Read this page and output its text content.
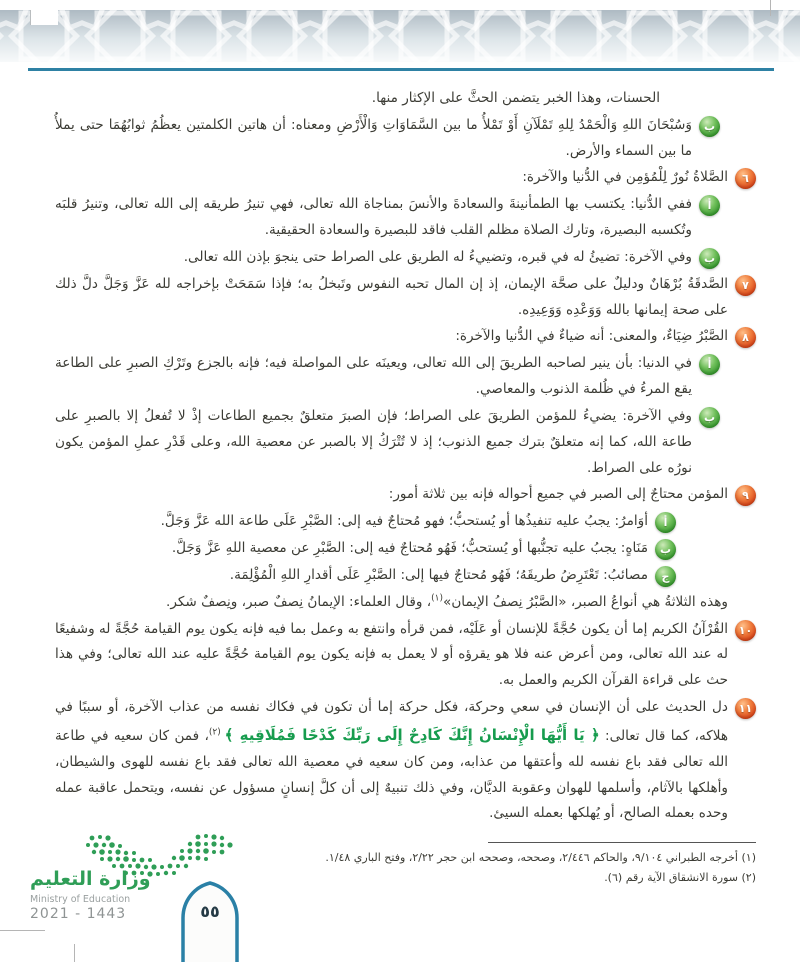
الحسنات، وهذا الخبر يتضمن الحثَّ على الإكثار منها.
ب
وَسُبْحَانَ اللهِ وَالْحَمْدُ لِلهِ تَمْلَآنِ أَوْ تَمْلأُ ما بين السَّمَاوَاتِ وَالْأَرْضِ ومعناه: أن هاتين الكلمتين يعظُمُ ثوابُهُمَا حتى يملأُ ما بين السماء والأرض.
٦
الصَّلاةُ نُورٌ لِلْمُؤمِن في الدُّنيا والآخرة:
أ
ففي الدُّنيا: يكتسب بها الطمأنينةَ والسعادةَ والأنسَ بمناجاة الله تعالى، فهي تنيرُ طريقه إلى الله تعالى، وتنيرُ قلبَه وتُكسبه البصيرة، وتارك الصلاة مظلم القلب فاقد للبصيرة والسعادة الحقيقية.
ب
وفي الآخرة: تضيئُ له في قبره، وتضييءُ له الطريق على الصراط حتى ينجوَ بإذن الله تعالى.
٧
الصَّدقَةُ بُرْهَانٌ ودليلٌ على صحَّة الإيمان، إذ إن المال تحبه النفوس وتَبخلُ به؛ فإذا سَمَحَتْ بإخراجه لله عَزَّ وَجَلَّ دلَّ ذلك على صحة إيمانها بالله وَوَعْدِه وَوَعِيدِه.
٨
الصَّبْرُ ضِيَاءٌ، والمعنى: أنه ضياءٌ في الدُّنيا والآخرة:
أ
في الدنيا: بأن ينير لصاحبه الطريقَ إلى الله تعالى، ويعينَه على المواصلة فيه؛ فإنه بالجزع وتَرْكِ الصبرِ على الطاعة يقع المرءُ في ظُلمة الذنوب والمعاصي.
ب
وفي الآخرة: يضيءُ للمؤمن الطريقَ على الصراط؛ فإن الصبرَ متعلقٌ بجميع الطاعات إذْ لا تُفعلُ إلا بالصبرِ على طاعة الله، كما إنه متعلقٌ بترك جميع الذنوب؛ إذ لا تُتْرَكُ إلا بالصبر عن معصية الله، وعلى قَدْرِ عملِ المؤمن يكون نورُه على الصراط.
٩
المؤمن محتاجٌ إلى الصبر في جميع أحواله فإنه بين ثلاثة أمور:
أ
أوَامرُ: يجبُ عليه تنفيذُها أو يُستحبُّ؛ فهو مُحتاجٌ فيه إلى: الصَّبْرِ عَلَى طاعة الله عَزَّ وَجَلَّ.
ب
مَنَاهٍ: يجبُ عليه تجنُّبها أو يُستحبُّ؛ فَهُو مُحتاجٌ فيه إلى: الصَّبْرِ عن معصية اللهِ عَزَّ وَجَلَّ.
ج
مصائبُ: تَعْتَرِضُ طريقَهُ؛ فَهُو مُحتاجٌ فيها إلى: الصَّبْرِ عَلَى أقدارِ اللهِ الْمُؤْلِمَة.
وهذه الثلاثةُ هي أنواعُ الصبر، «الصَّبْرُ نِصفُ الإيمان»$^{(١)}$، وقال العلماء: الإيمانُ نِصفٌ صبر، ونِصفٌ شكر.
١٠
القُرْآنُ الكريم إما أن يكون حُجَّةً للإنسان أو عَلَيْه، فمن قرأه وانتفع به وعمل بما فيه فإنه يكون يوم القيامة حُجَّةً له وشفيعًا له عند الله تعالى، ومن أعرض عنه فلا هو يقرؤه أو لا يعمل به فإنه يكون يوم القيامة حُجَّةً عليه عند الله تعالى؛ وفي هذا حث على قراءة القرآن الكريم والعمل به.
١١
دل الحديث على أن الإنسان في سعي وحركة، فكل حركة إما أن تكون في فكاك نفسه من عذاب الآخرة، أو سببًا في هلاكه، كما قال تعالى: ﴿ يَا أَيُّهَا الْإِنْسَانُ إِنَّكَ كَادِحٌ إِلَى رَبِّكَ كَدْحًا فَمُلَاقِيهِ ﴾ $^{(٢)}$، فمن كان سعيه في طاعة الله تعالى فقد باع نفسه لله وأعتقها من عذابه، ومن كان سعيه في معصية الله تعالى فقد باع نفسه للهوى والشيطان، وأهلكها بالآثام، وأسلمها للهوان وعقوبة الديَّان، وفي ذلك تنبيهٌ إلى أن كلَّ إنسانٍ مسؤول عن نفسه، ويتحمل عاقبة عمله وحده بعمله الصالح، أو يُهلكها بعمله السيئ.
(١) أخرجه الطبراني ٩/١٠٤، والحاكم ٢/٤٤٦، وصححه، وصححه ابن حجر ٢/٢٢، وفتح الباري ١/٤٨.
(٢) سورة الانشقاق الآية رقم (٦).
وزارة التعليم
Ministry of Education
2021 - 1443	٥٥
